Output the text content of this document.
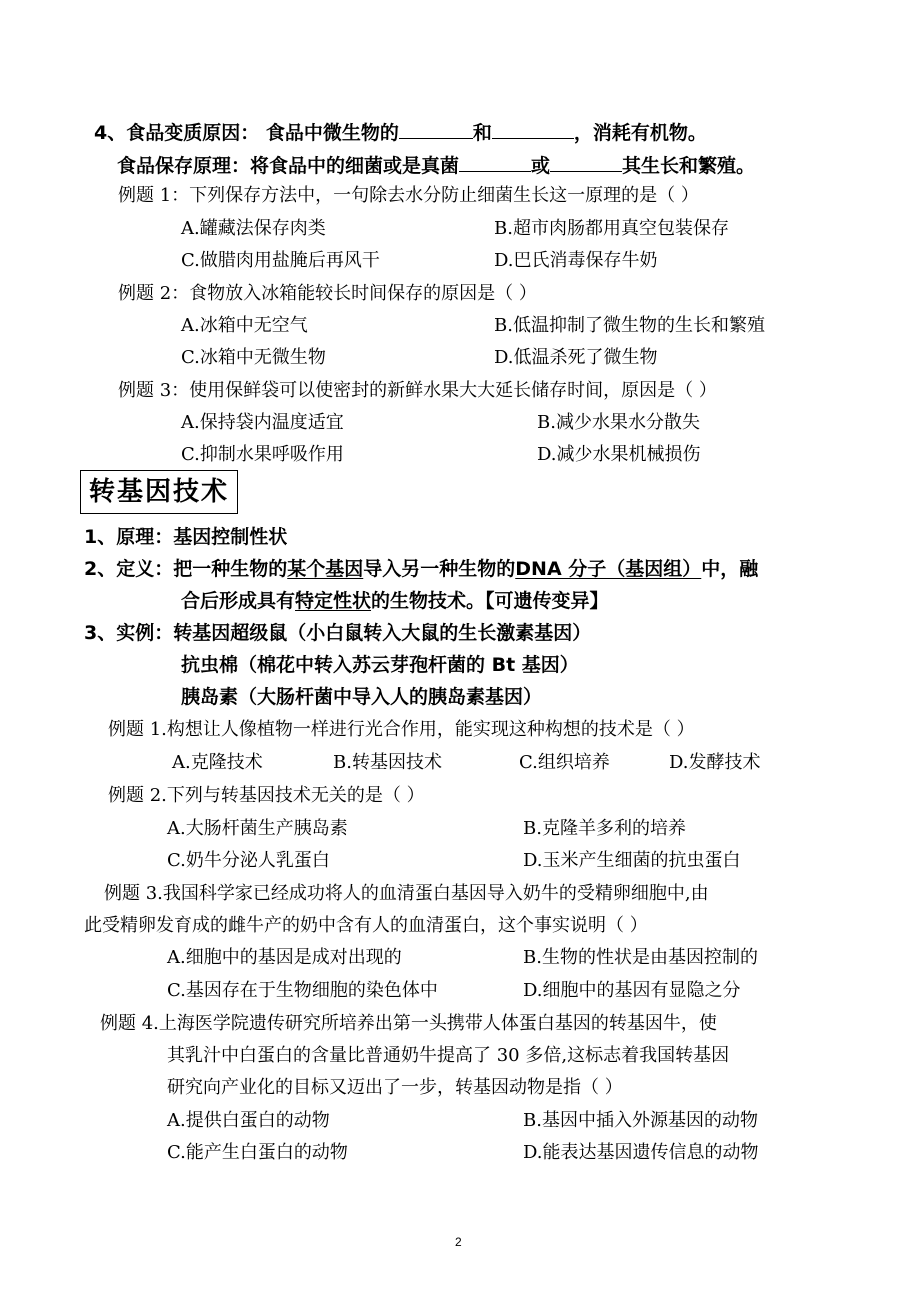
4、食品变质原因： 食品中微生物的	和	，消耗有机物。
食品保存原理：将食品中的细菌或是真菌	或	其生长和繁殖。
例题 1：下列保存方法中，一句除去水分防止细菌生长这一原理的是（ ）
A.罐藏法保存肉类	B.超市肉肠都用真空包装保存
C.做腊肉用盐腌后再风干	D.巴氏消毒保存牛奶
例题 2：食物放入冰箱能较长时间保存的原因是（ ）
A.冰箱中无空气	B.低温抑制了微生物的生长和繁殖
C.冰箱中无微生物	D.低温杀死了微生物
例题 3：使用保鲜袋可以使密封的新鲜水果大大延长储存时间，原因是（ ）
A.保持袋内温度适宜	B.减少水果水分散失
C.抑制水果呼吸作用	D.减少水果机械损伤
转基因技术
1、原理：基因控制性状
2、定义：把一种生物的某个基因导入另一种生物的DNA 分子（基因组）中，融
合后形成具有特定性状的生物技术。【可遗传变异】
3、实例：转基因超级鼠（小白鼠转入大鼠的生长激素基因）
抗虫棉（棉花中转入苏云芽孢杆菌的 Bt 基因）
胰岛素（大肠杆菌中导入人的胰岛素基因）
例题 1.构想让人像植物一样进行光合作用，能实现这种构想的技术是（ ）
A.克隆技术	B.转基因技术	C.组织培养	D.发酵技术
例题 2.下列与转基因技术无关的是（ ）
A.大肠杆菌生产胰岛素	B.克隆羊多利的培养
C.奶牛分泌人乳蛋白	D.玉米产生细菌的抗虫蛋白
例题 3.我国科学家已经成功将人的血清蛋白基因导入奶牛的受精卵细胞中,由
此受精卵发育成的雌牛产的奶中含有人的血清蛋白，这个事实说明（ ）
A.细胞中的基因是成对出现的	B.生物的性状是由基因控制的
C.基因存在于生物细胞的染色体中	D.细胞中的基因有显隐之分
例题 4.上海医学院遗传研究所培养出第一头携带人体蛋白基因的转基因牛，使
其乳汁中白蛋白的含量比普通奶牛提高了 30 多倍,这标志着我国转基因
研究向产业化的目标又迈出了一步，转基因动物是指（ ）
A.提供白蛋白的动物	B.基因中插入外源基因的动物
C.能产生白蛋白的动物	D.能表达基因遗传信息的动物
2
